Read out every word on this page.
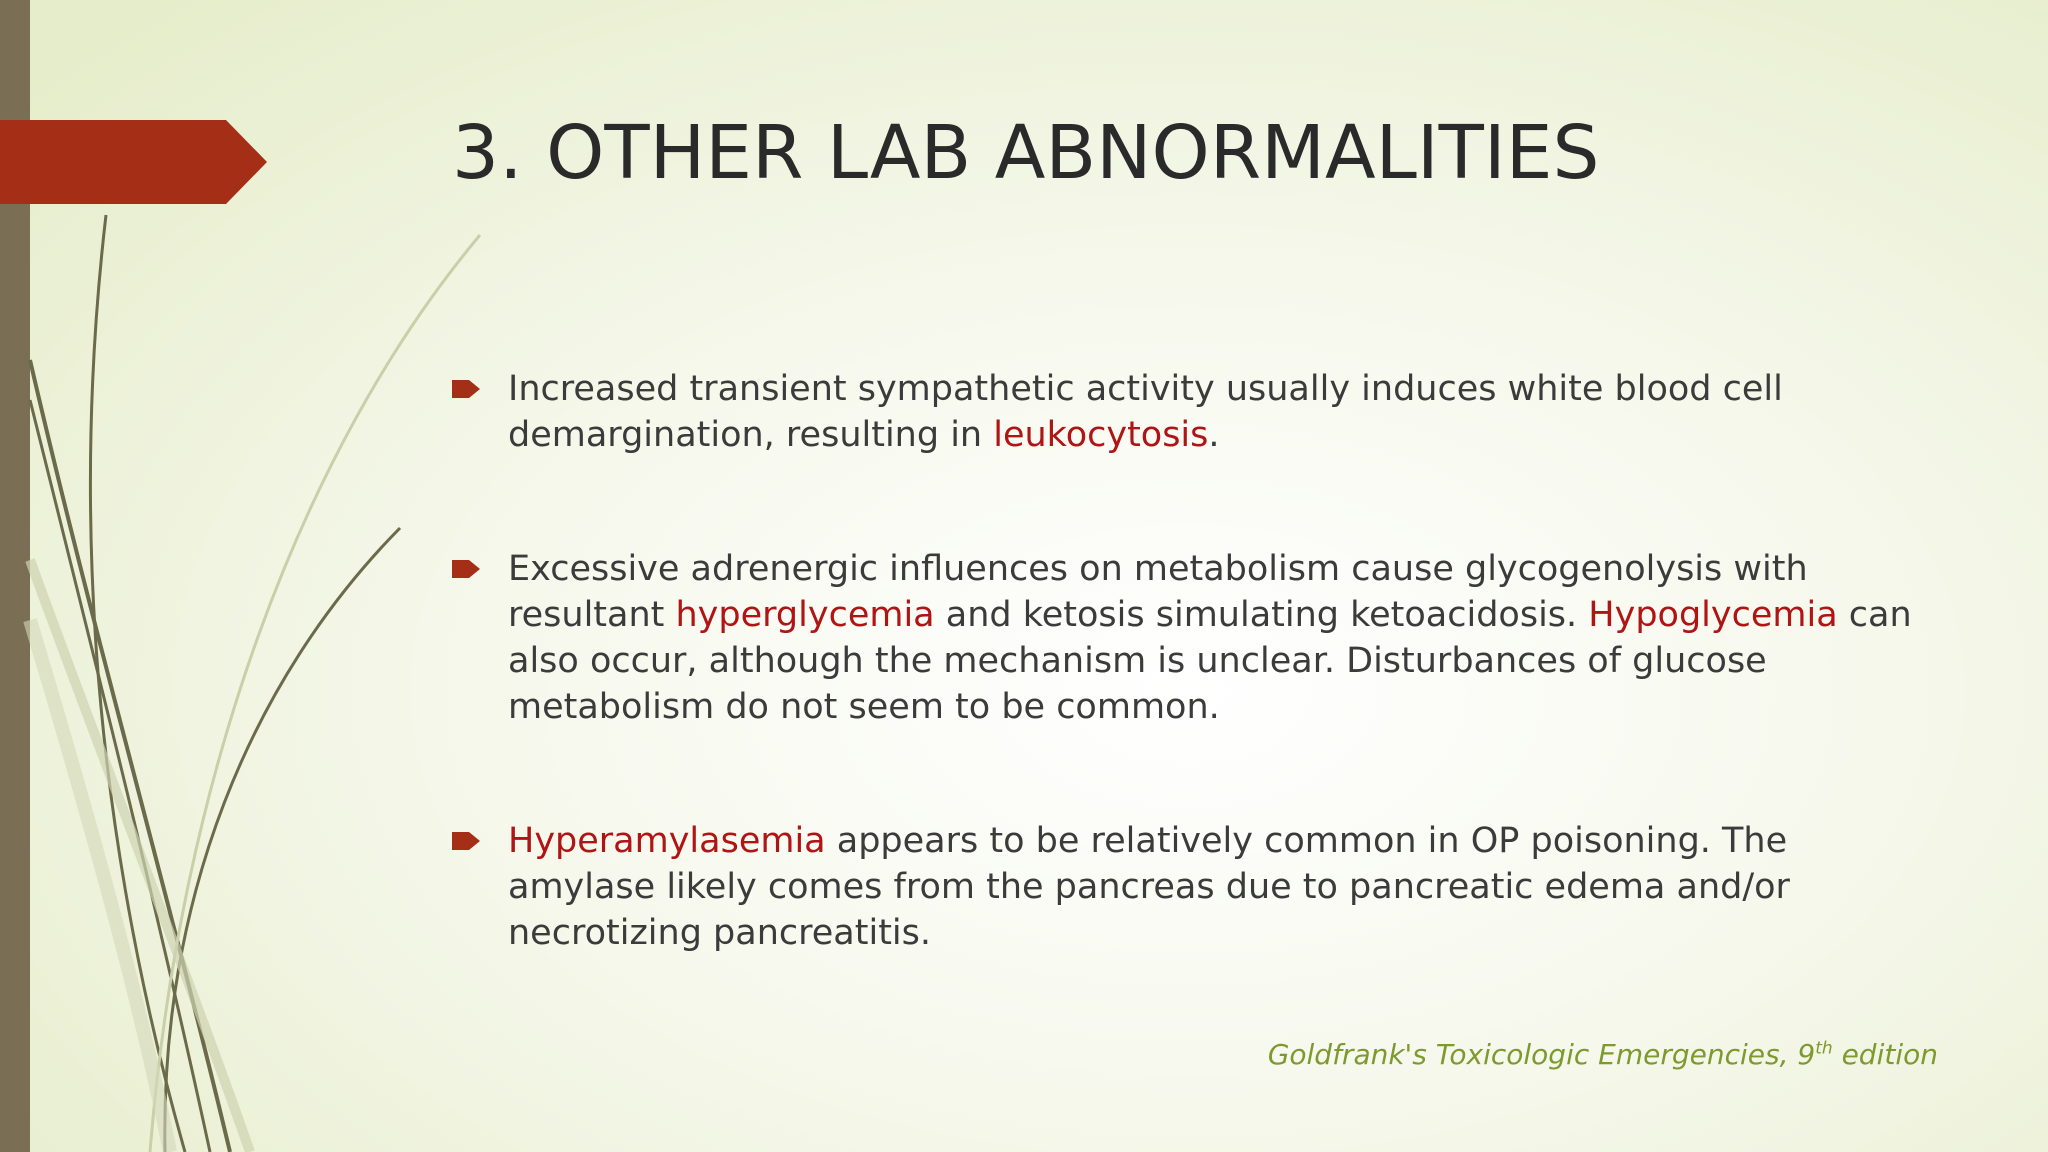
3. OTHER LAB ABNORMALITIES
Increased transient sympathetic activity usually induces white blood cell demargination, resulting in leukocytosis.
Excessive adrenergic influences on metabolism cause glycogenolysis with resultant hyperglycemia and ketosis simulating ketoacidosis. Hypoglycemia can also occur, although the mechanism is unclear. Disturbances of glucose metabolism do not seem to be common.
Hyperamylasemia appears to be relatively common in OP poisoning. The amylase likely comes from the pancreas due to pancreatic edema and/or necrotizing pancreatitis.
Goldfrank's Toxicologic Emergencies, 9th edition
